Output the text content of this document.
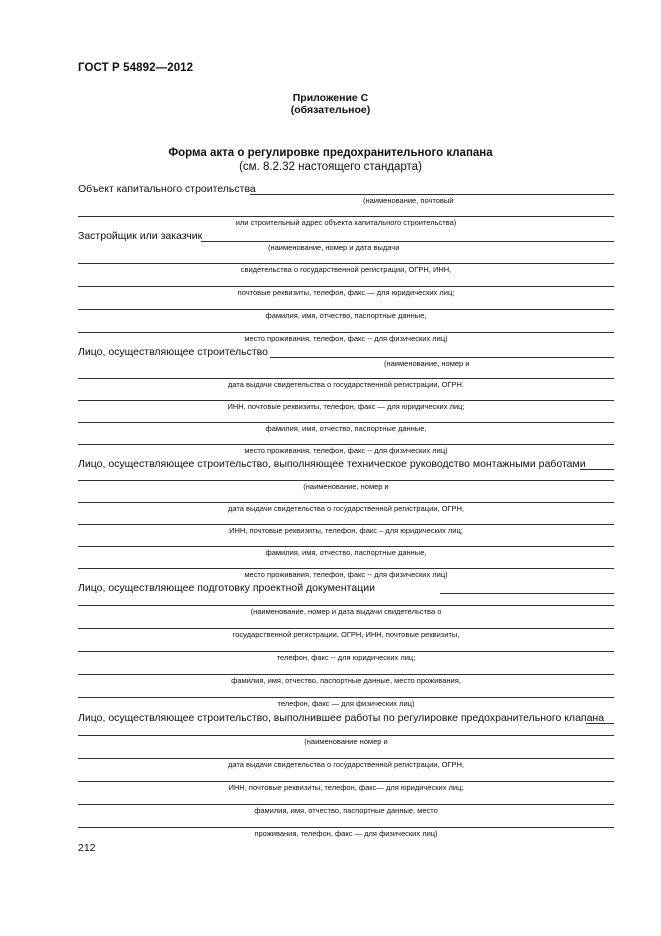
ГОСТ Р 54892—2012
Приложение С
(обязательное)
Форма акта о регулировке предохранительного клапана
(см. 8.2.32 настоящего стандарта)
Объект капитального строительства
(наименование, почтовый
или строительный адрес объекта капитального строительства)
Застройщик или заказчик
(наименование, номер и дата выдачи
свидетельства о государственной регистрации, ОГРН, ИНН,
почтовые реквизиты, телефон, факс — для юридических лиц;
фамилия, имя, отчество, паспортные данные,
место проживания, телефон, факс -- для физических лиц)
Лицо, осуществляющее строительство
(наименование, номер и
дата выдачи свидетельства о государственной регистрации, ОГРН.
ИНН, почтовые реквизиты, телефон, факс — для юридических лиц;
фамилия, имя, отчество, паспортные данные,
место проживания, телефон, факс -- для физических лиц)
Лицо, осуществляющее строительство, выполняющее техническое руководство монтажными работами
(наименование, номер и
дата выдачи свидетельства о государственной регистрации, ОГРН,
ИНН, почтовые реквизиты, телефон, факс – для юридических лиц;
фамилия, имя, отчество, паспортные данные,
место проживания, телефон, факс -- для физических лиц)
Лицо, осуществляющее подготовку проектной документации
(наименование, номер и дата выдачи свидетельства о
государственной регистрации, ОГРН, ИНН, почтовые реквизиты,
телефон, факс -- для юридических лиц;
фамилия, имя, отчество, паспортные данные, место проживания,
телефон, факс — для физических лиц)
Лицо, осуществляющее строительство, выполнившее работы по регулировке предохранительного клапана
(наименование номер и
дата выдачи свидетельства о государственной регистрации, ОГРН,
ИНН, почтовые реквизиты, телефон, факс— для юридических лиц;
фамилия, имя, отчество, паспортные данные, место
проживания, телефон, факс — для физических лиц)
212
